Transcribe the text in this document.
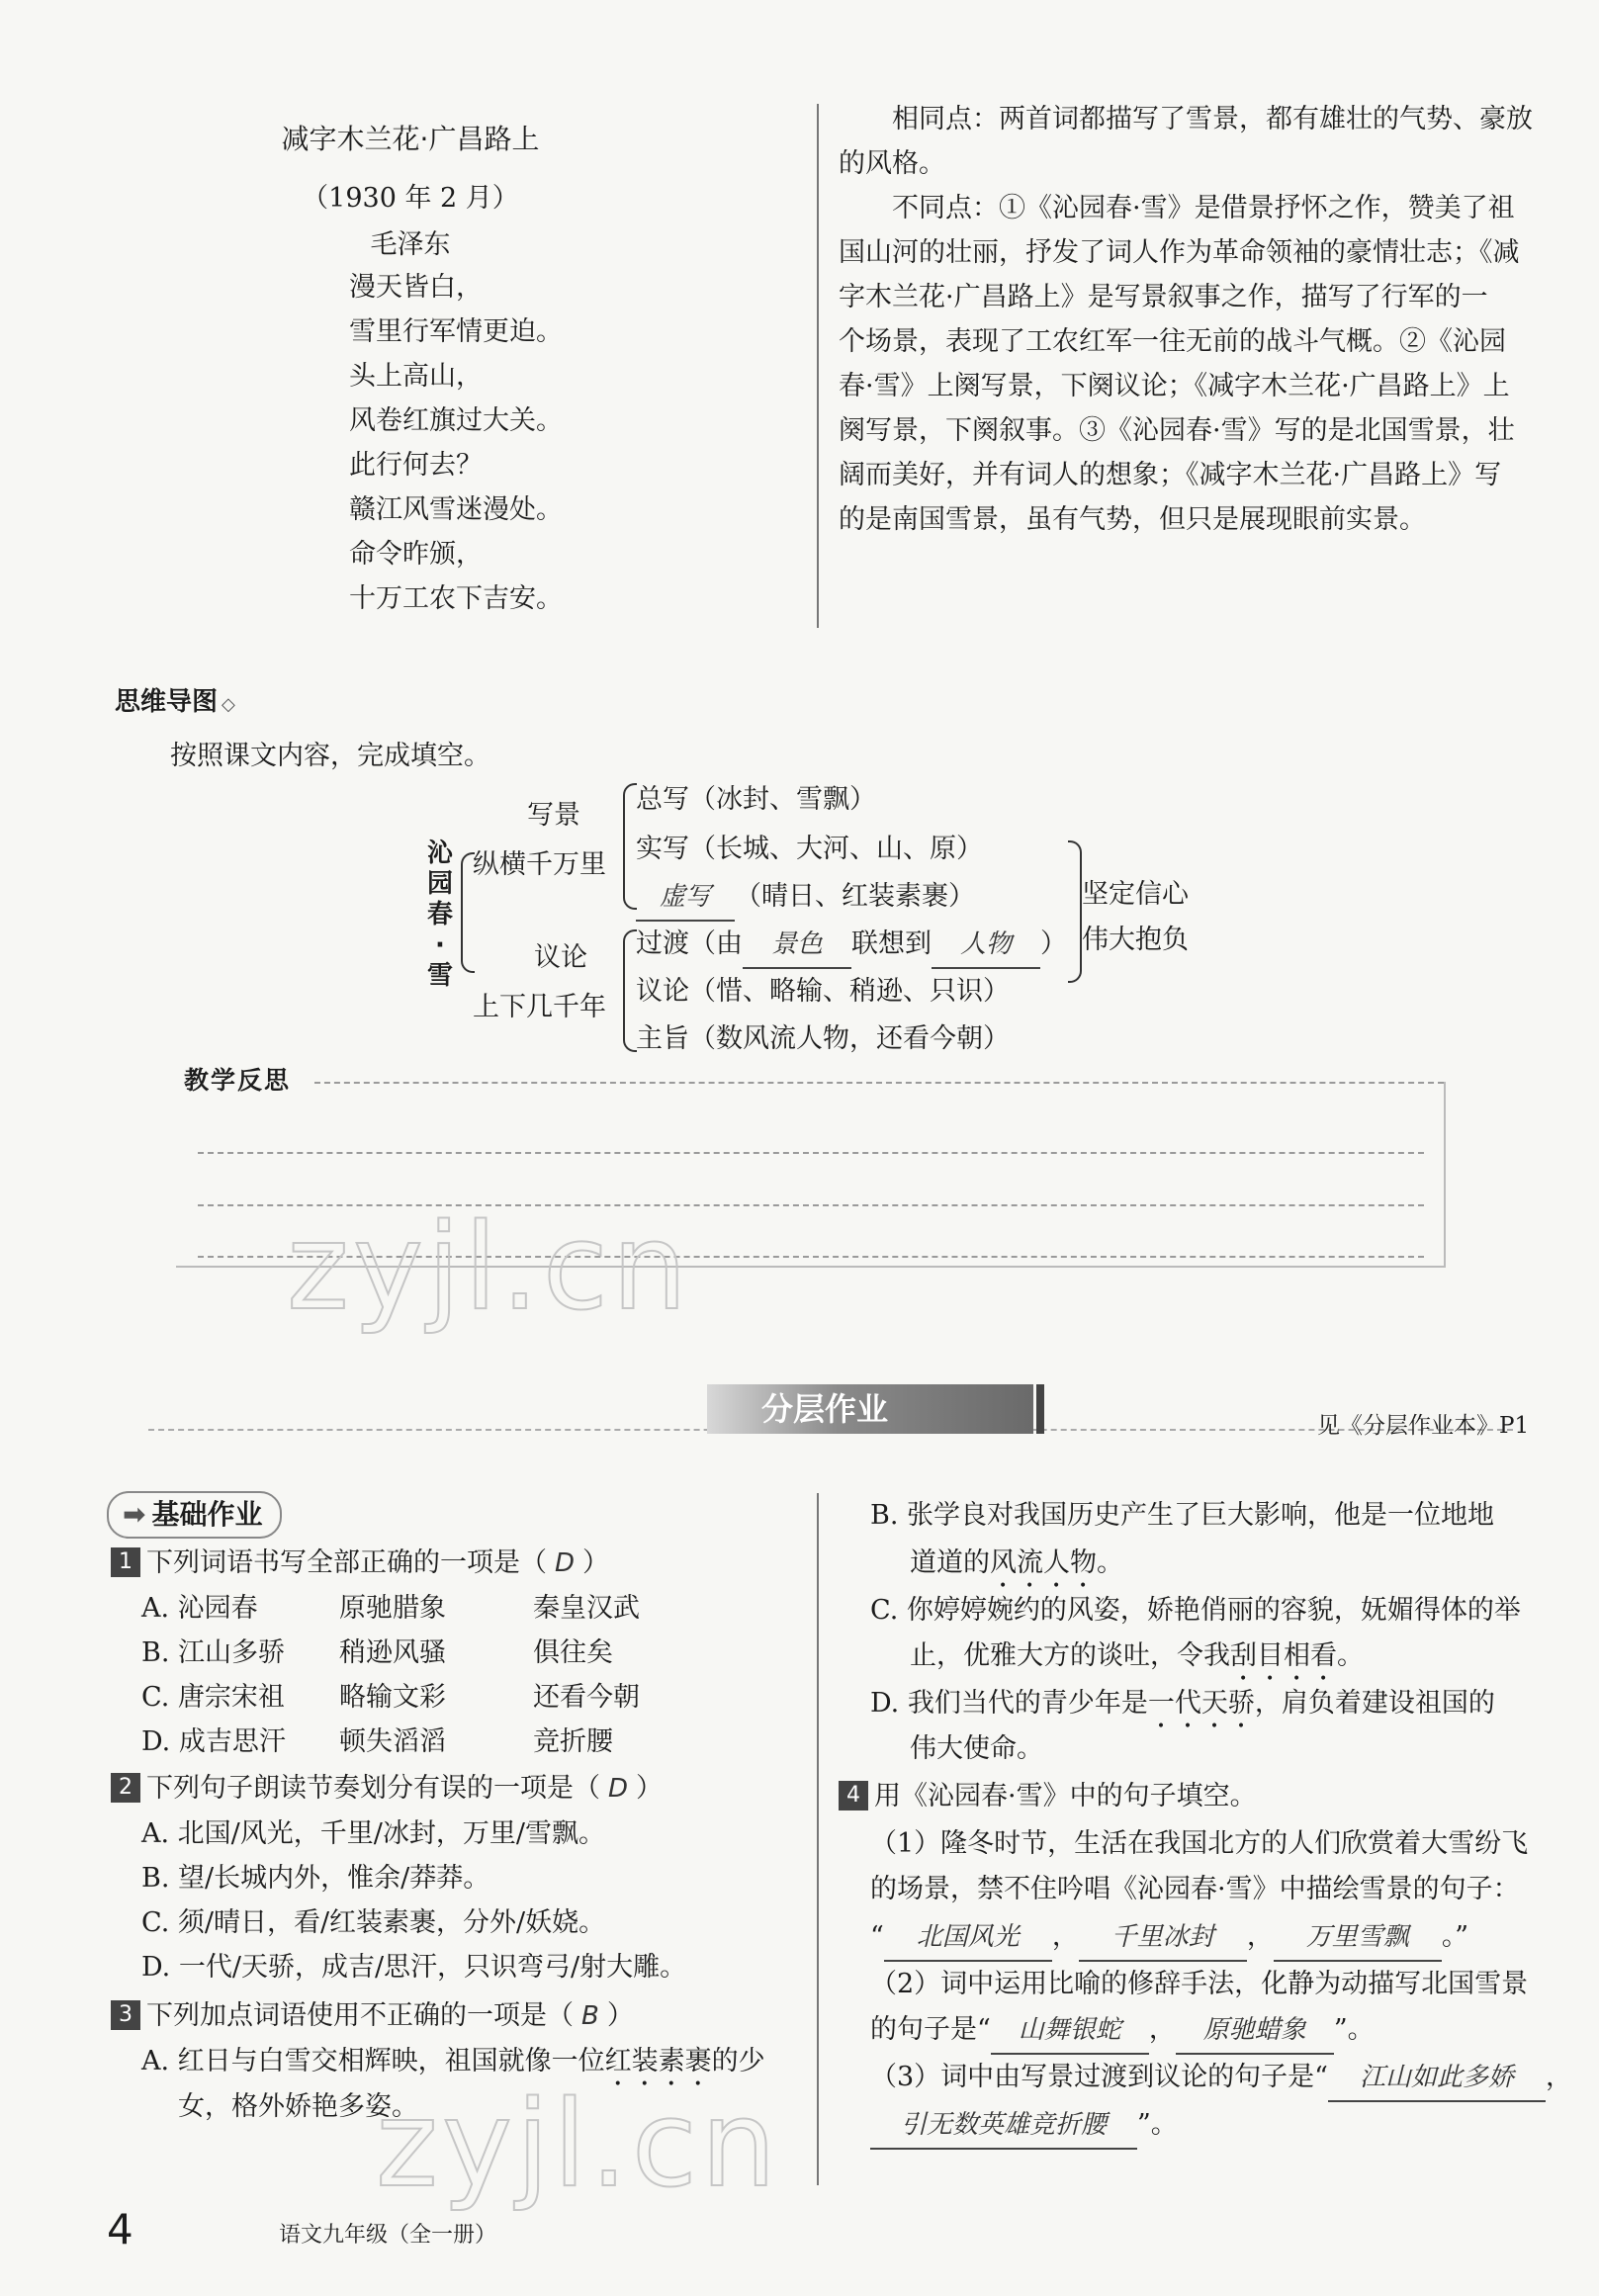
减字木兰花·广昌路上
（1930 年 2 月）
毛泽东
漫天皆白，
雪里行军情更迫。
头上高山，
风卷红旗过大关。
此行何去？
赣江风雪迷漫处。
命令昨颁，
十万工农下吉安。
相同点：两首词都描写了雪景，都有雄壮的气势、豪放
的风格。
不同点：①《沁园春·雪》是借景抒怀之作，赞美了祖
国山河的壮丽，抒发了词人作为革命领袖的豪情壮志；《减
字木兰花·广昌路上》是写景叙事之作，描写了行军的一
个场景，表现了工农红军一往无前的战斗气概。②《沁园
春·雪》上阕写景，下阕议论；《减字木兰花·广昌路上》上
阕写景，下阕叙事。③《沁园春·雪》写的是北国雪景，壮
阔而美好，并有词人的想象；《减字木兰花·广昌路上》写
的是南国雪景，虽有气势，但只是展现眼前实景。
思维导图 ◇
按照课文内容，完成填空。
沁
园
春
·
雪
写景
纵横千万里
议论
上下几千年
总写（冰封、雪飘）
实写（长城、大河、山、原）
虚写 （晴日、红装素裹）
过渡（由 景色 联想到 人物 ）
议论（惜、略输、稍逊、只识）
主旨（数风流人物，还看今朝）
坚定信心
伟大抱负
教学反思
zyjl.cn
分层作业	见《分层作业本》P1
➡ 基础作业
1 下列词语书写全部正确的一项是（ D ）
A. 沁园春	原驰腊象	秦皇汉武
B. 江山多骄 稍逊风骚	俱往矣
C. 唐宗宋祖 略输文彩	还看今朝
D. 成吉思汗 顿失滔滔	竞折腰
2 下列句子朗读节奏划分有误的一项是（ D ）
A. 北国/风光，千里/冰封，万里/雪飘。
B. 望/长城内外，惟余/莽莽。
C. 须/晴日，看/红装素裹，分外/妖娆。
D. 一代/天骄，成吉/思汗，只识弯弓/射大雕。
3 下列加点词语使用不正确的一项是（ B ）
A. 红日与白雪交相辉映，祖国就像一位红装素裹的少
女，格外娇艳多姿。
B. 张学良对我国历史产生了巨大影响，他是一位地地
道道的风流人物。
C. 你婷婷婉约的风姿，娇艳俏丽的容貌，妩媚得体的举
止，优雅大方的谈吐，令我刮目相看。
D. 我们当代的青少年是一代天骄，肩负着建设祖国的
伟大使命。
4 用《沁园春·雪》中的句子填空。
（1）隆冬时节，生活在我国北方的人们欣赏着大雪纷飞
的场景，禁不住吟唱《沁园春·雪》中描绘雪景的句子：
“ 北国风光 ， 千里冰封 ， 万里雪飘 。”
（2）词中运用比喻的修辞手法，化静为动描写北国雪景
的句子是“ 山舞银蛇 ， 原驰蜡象 ”。
（3）词中由写景过渡到议论的句子是“ 江山如此多娇 ，
引无数英雄竞折腰 ”。
zyjl.cn
4	语文九年级（全一册）
